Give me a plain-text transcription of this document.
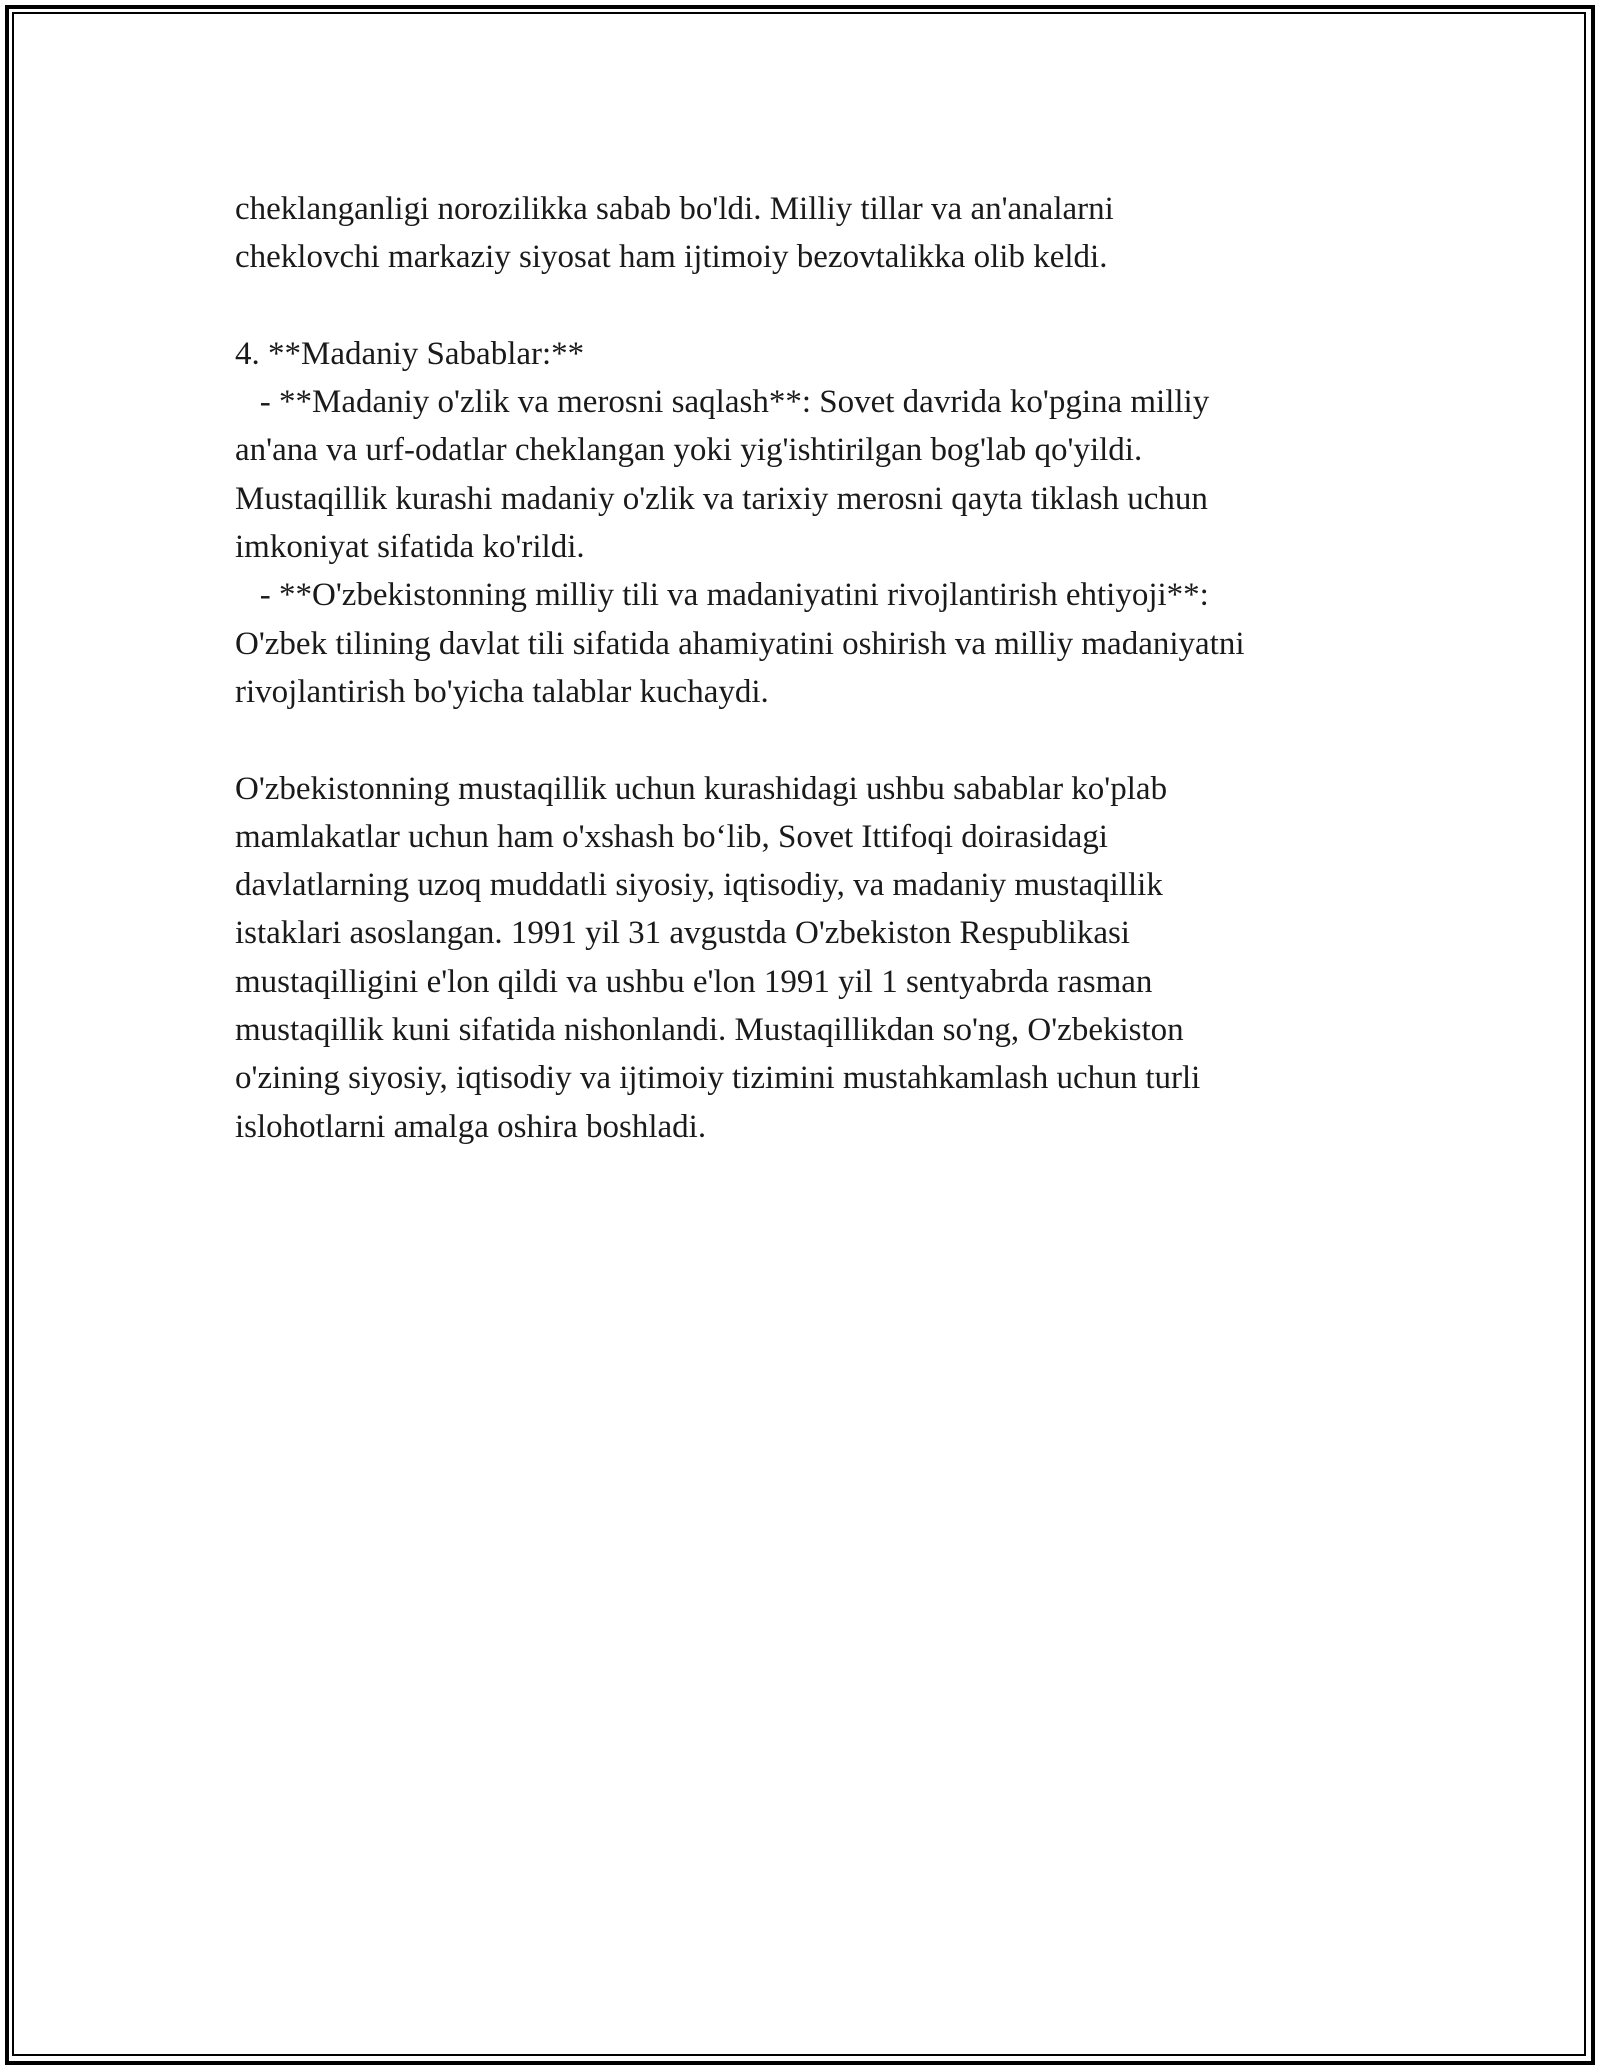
cheklanganligi norozilikka sabab bo'ldi. Milliy tillar va an'analarni
cheklovchi markaziy siyosat ham ijtimoiy bezovtalikka olib keldi.
4. **Madaniy Sabablar:**
- **Madaniy o'zlik va merosni saqlash**: Sovet davrida ko'pgina milliy
an'ana va urf-odatlar cheklangan yoki yig'ishtirilgan bog'lab qo'yildi.
Mustaqillik kurashi madaniy o'zlik va tarixiy merosni qayta tiklash uchun
imkoniyat sifatida ko'rildi.
- **O'zbekistonning milliy tili va madaniyatini rivojlantirish ehtiyoji**:
O'zbek tilining davlat tili sifatida ahamiyatini oshirish va milliy madaniyatni
rivojlantirish bo'yicha talablar kuchaydi.
O'zbekistonning mustaqillik uchun kurashidagi ushbu sabablar ko'plab
mamlakatlar uchun ham o'xshash bo‘lib, Sovet Ittifoqi doirasidagi
davlatlarning uzoq muddatli siyosiy, iqtisodiy, va madaniy mustaqillik
istaklari asoslangan. 1991 yil 31 avgustda O'zbekiston Respublikasi
mustaqilligini e'lon qildi va ushbu e'lon 1991 yil 1 sentyabrda rasman
mustaqillik kuni sifatida nishonlandi. Mustaqillikdan so'ng, O'zbekiston
o'zining siyosiy, iqtisodiy va ijtimoiy tizimini mustahkamlash uchun turli
islohotlarni amalga oshira boshladi.
